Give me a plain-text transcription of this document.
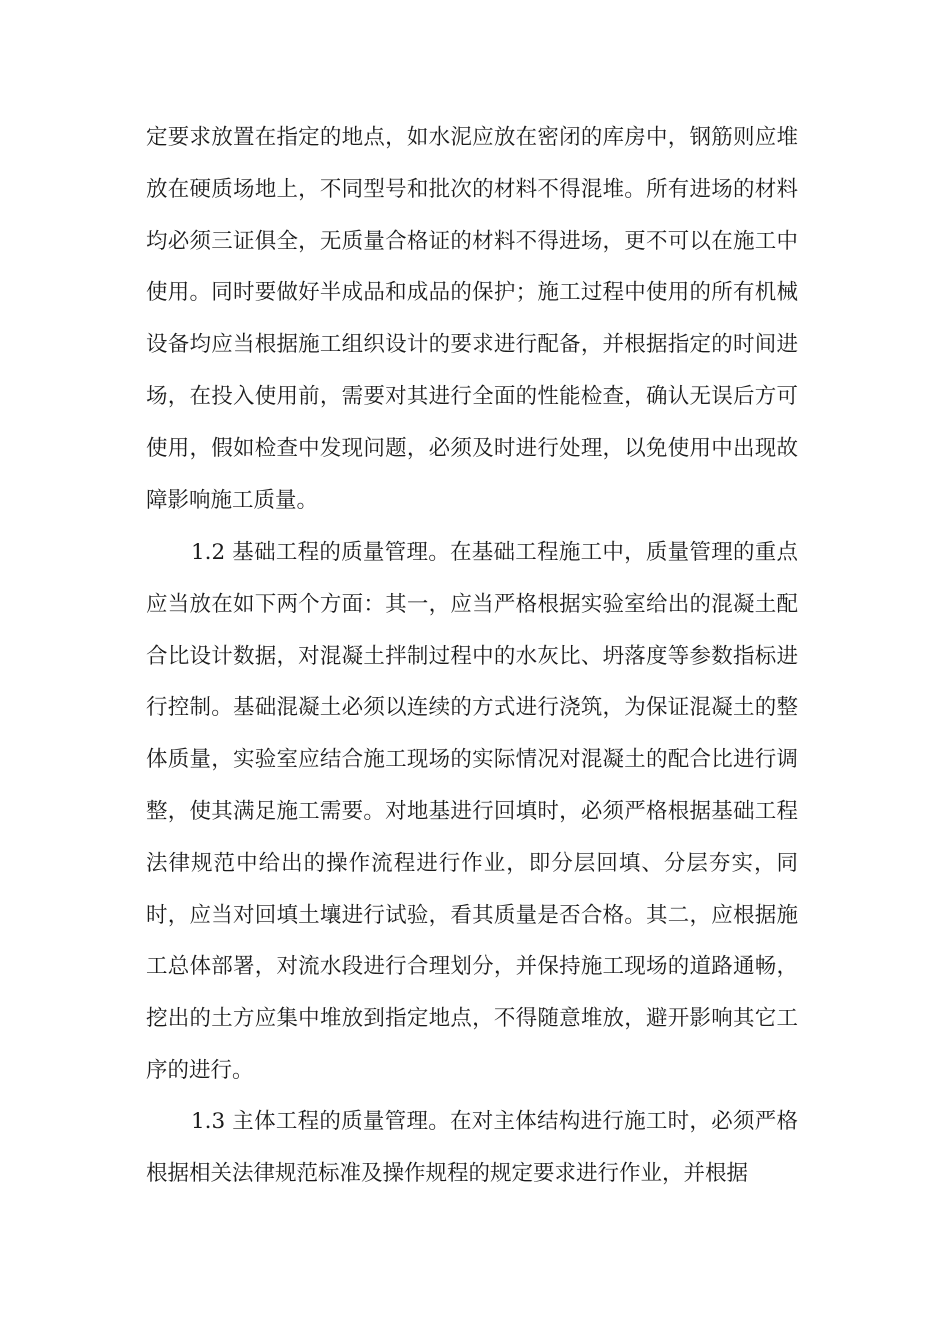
定要求放置在指定的地点，如水泥应放在密闭的库房中，钢筋则应堆放在硬质场地上，不同型号和批次的材料不得混堆。所有进场的材料均必须三证俱全，无质量合格证的材料不得进场，更不可以在施工中使用。同时要做好半成品和成品的保护；施工过程中使用的所有机械设备均应当根据施工组织设计的要求进行配备，并根据指定的时间进场，在投入使用前，需要对其进行全面的性能检查，确认无误后方可使用，假如检查中发现问题，必须及时进行处理，以免使用中出现故障影响施工质量。

1.2 基础工程的质量管理。在基础工程施工中，质量管理的重点应当放在如下两个方面：其一，应当严格根据实验室给出的混凝土配合比设计数据，对混凝土拌制过程中的水灰比、坍落度等参数指标进行控制。基础混凝土必须以连续的方式进行浇筑，为保证混凝土的整体质量，实验室应结合施工现场的实际情况对混凝土的配合比进行调整，使其满足施工需要。对地基进行回填时，必须严格根据基础工程法律规范中给出的操作流程进行作业，即分层回填、分层夯实，同时，应当对回填土壤进行试验，看其质量是否合格。其二，应根据施工总体部署，对流水段进行合理划分，并保持施工现场的道路通畅，挖出的土方应集中堆放到指定地点，不得随意堆放，避开影响其它工序的进行。

1.3 主体工程的质量管理。在对主体结构进行施工时，必须严格根据相关法律规范标准及操作规程的规定要求进行作业，并根据
